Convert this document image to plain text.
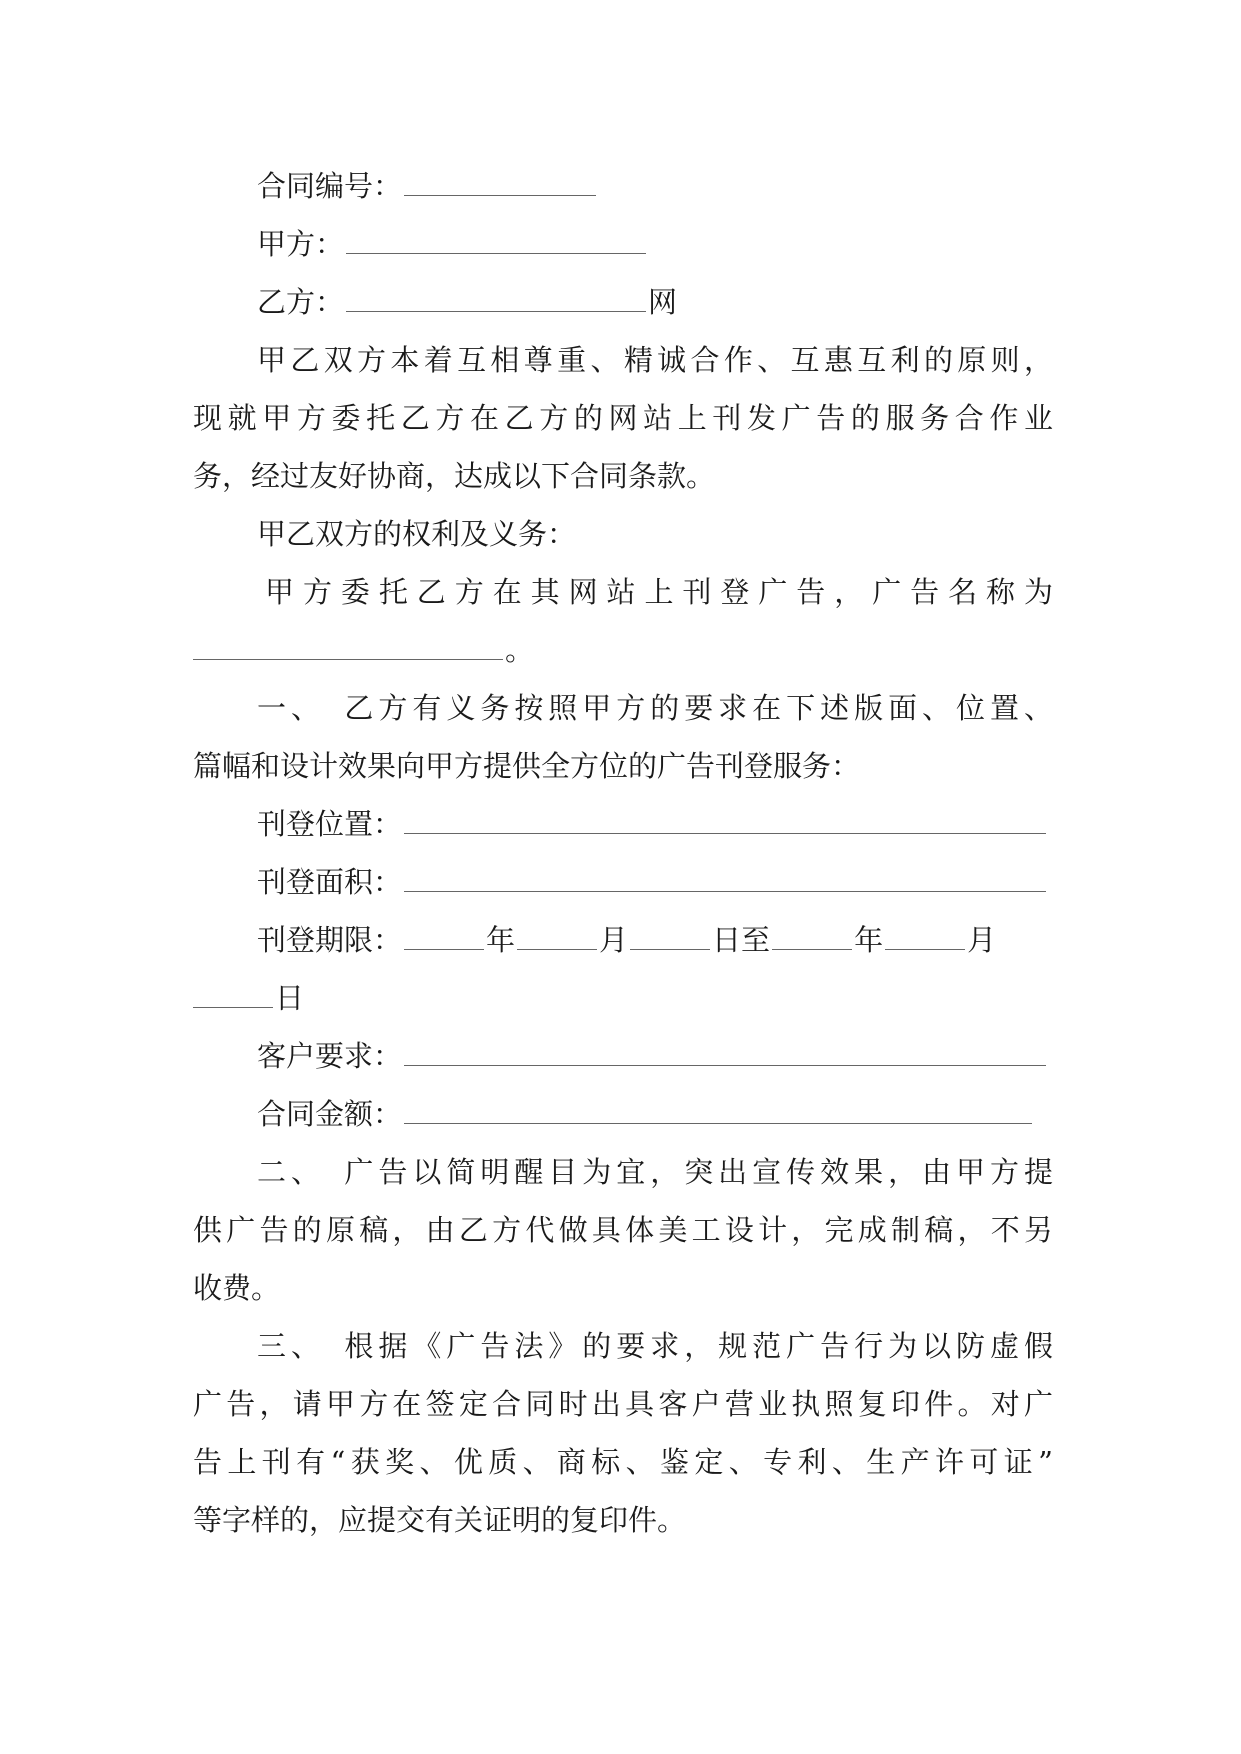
合同编号：
甲方：
乙方：	网
甲乙双方本着互相尊重、精诚合作、互惠互利的原则，
现就甲方委托乙方在乙方的网站上刊发广告的服务合作业
务，经过友好协商，达成以下合同条款。
甲乙双方的权利及义务：
甲方委托乙方在其网站上刊登广告，广告名称为
。
一、　乙方有义务按照甲方的要求在下述版面、位置、
篇幅和设计效果向甲方提供全方位的广告刊登服务：
刊登位置：
刊登面积：
刊登期限：	年	月	日至	年	月
日
客户要求：
合同金额：
二、　广告以简明醒目为宜，突出宣传效果，由甲方提
供广告的原稿，由乙方代做具体美工设计，完成制稿，不另
收费。
三、　根据《广告法》的要求，规范广告行为以防虚假
广告，请甲方在签定合同时出具客户营业执照复印件。对广
告上刊有“获奖、优质、商标、鉴定、专利、生产许可证”
等字样的，应提交有关证明的复印件。
